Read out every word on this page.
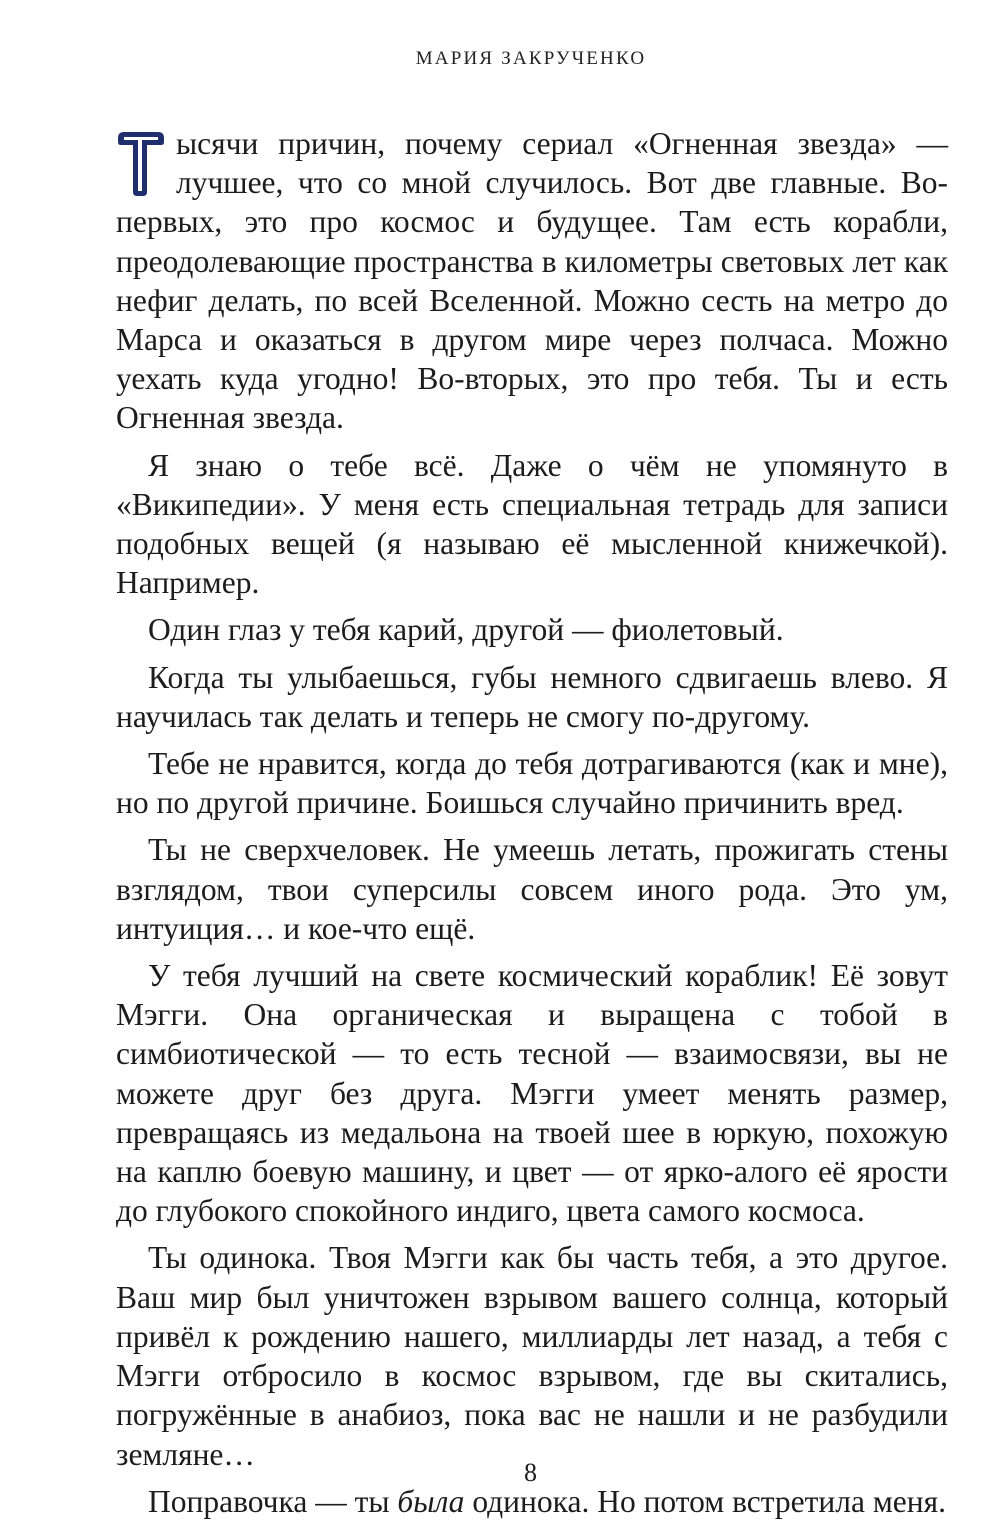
МАРИЯ ЗАКРУЧЕНКО

ысячи причин, почему сериал «Огненная звезда» — лучшее, что со мной случилось. Вот две главные. Во-первых, это про космос и будущее. Там есть корабли, преодолевающие пространства в километры световых лет как нефиг делать, по всей Вселенной. Можно сесть на метро до Марса и оказаться в другом мире через полчаса. Можно уехать куда угодно! Во-вторых, это про тебя. Ты и есть Огненная звезда.

Я знаю о тебе всё. Даже о чём не упомянуто в «Википедии». У меня есть специальная тетрадь для записи подобных вещей (я называю её мысленной книжечкой). Например.

Один глаз у тебя карий, другой — фиолетовый.

Когда ты улыбаешься, губы немного сдвигаешь влево. Я научилась так делать и теперь не смогу по-другому.

Тебе не нравится, когда до тебя дотрагиваются (как и мне), но по другой причине. Боишься случайно причинить вред.

Ты не сверхчеловек. Не умеешь летать, прожигать стены взглядом, твои суперсилы совсем иного рода. Это ум, интуиция… и кое-что ещё.

У тебя лучший на свете космический кораблик! Её зовут Мэгги. Она органическая и выращена с тобой в симбиотической — то есть тесной — взаимосвязи, вы не можете друг без друга. Мэгги умеет менять размер, превращаясь из медальона на твоей шее в юркую, похожую на каплю боевую машину, и цвет — от ярко-алого её ярости до глубокого спокойного индиго, цвета самого космоса.

Ты одинока. Твоя Мэгги как бы часть тебя, а это другое. Ваш мир был уничтожен взрывом вашего солнца, который привёл к рождению нашего, миллиарды лет назад, а тебя с Мэгги отбросило в космос взрывом, где вы скитались, погружённые в анабиоз, пока вас не нашли и не разбудили земляне…

Поправочка — ты была одинока. Но потом встретила меня.

8
